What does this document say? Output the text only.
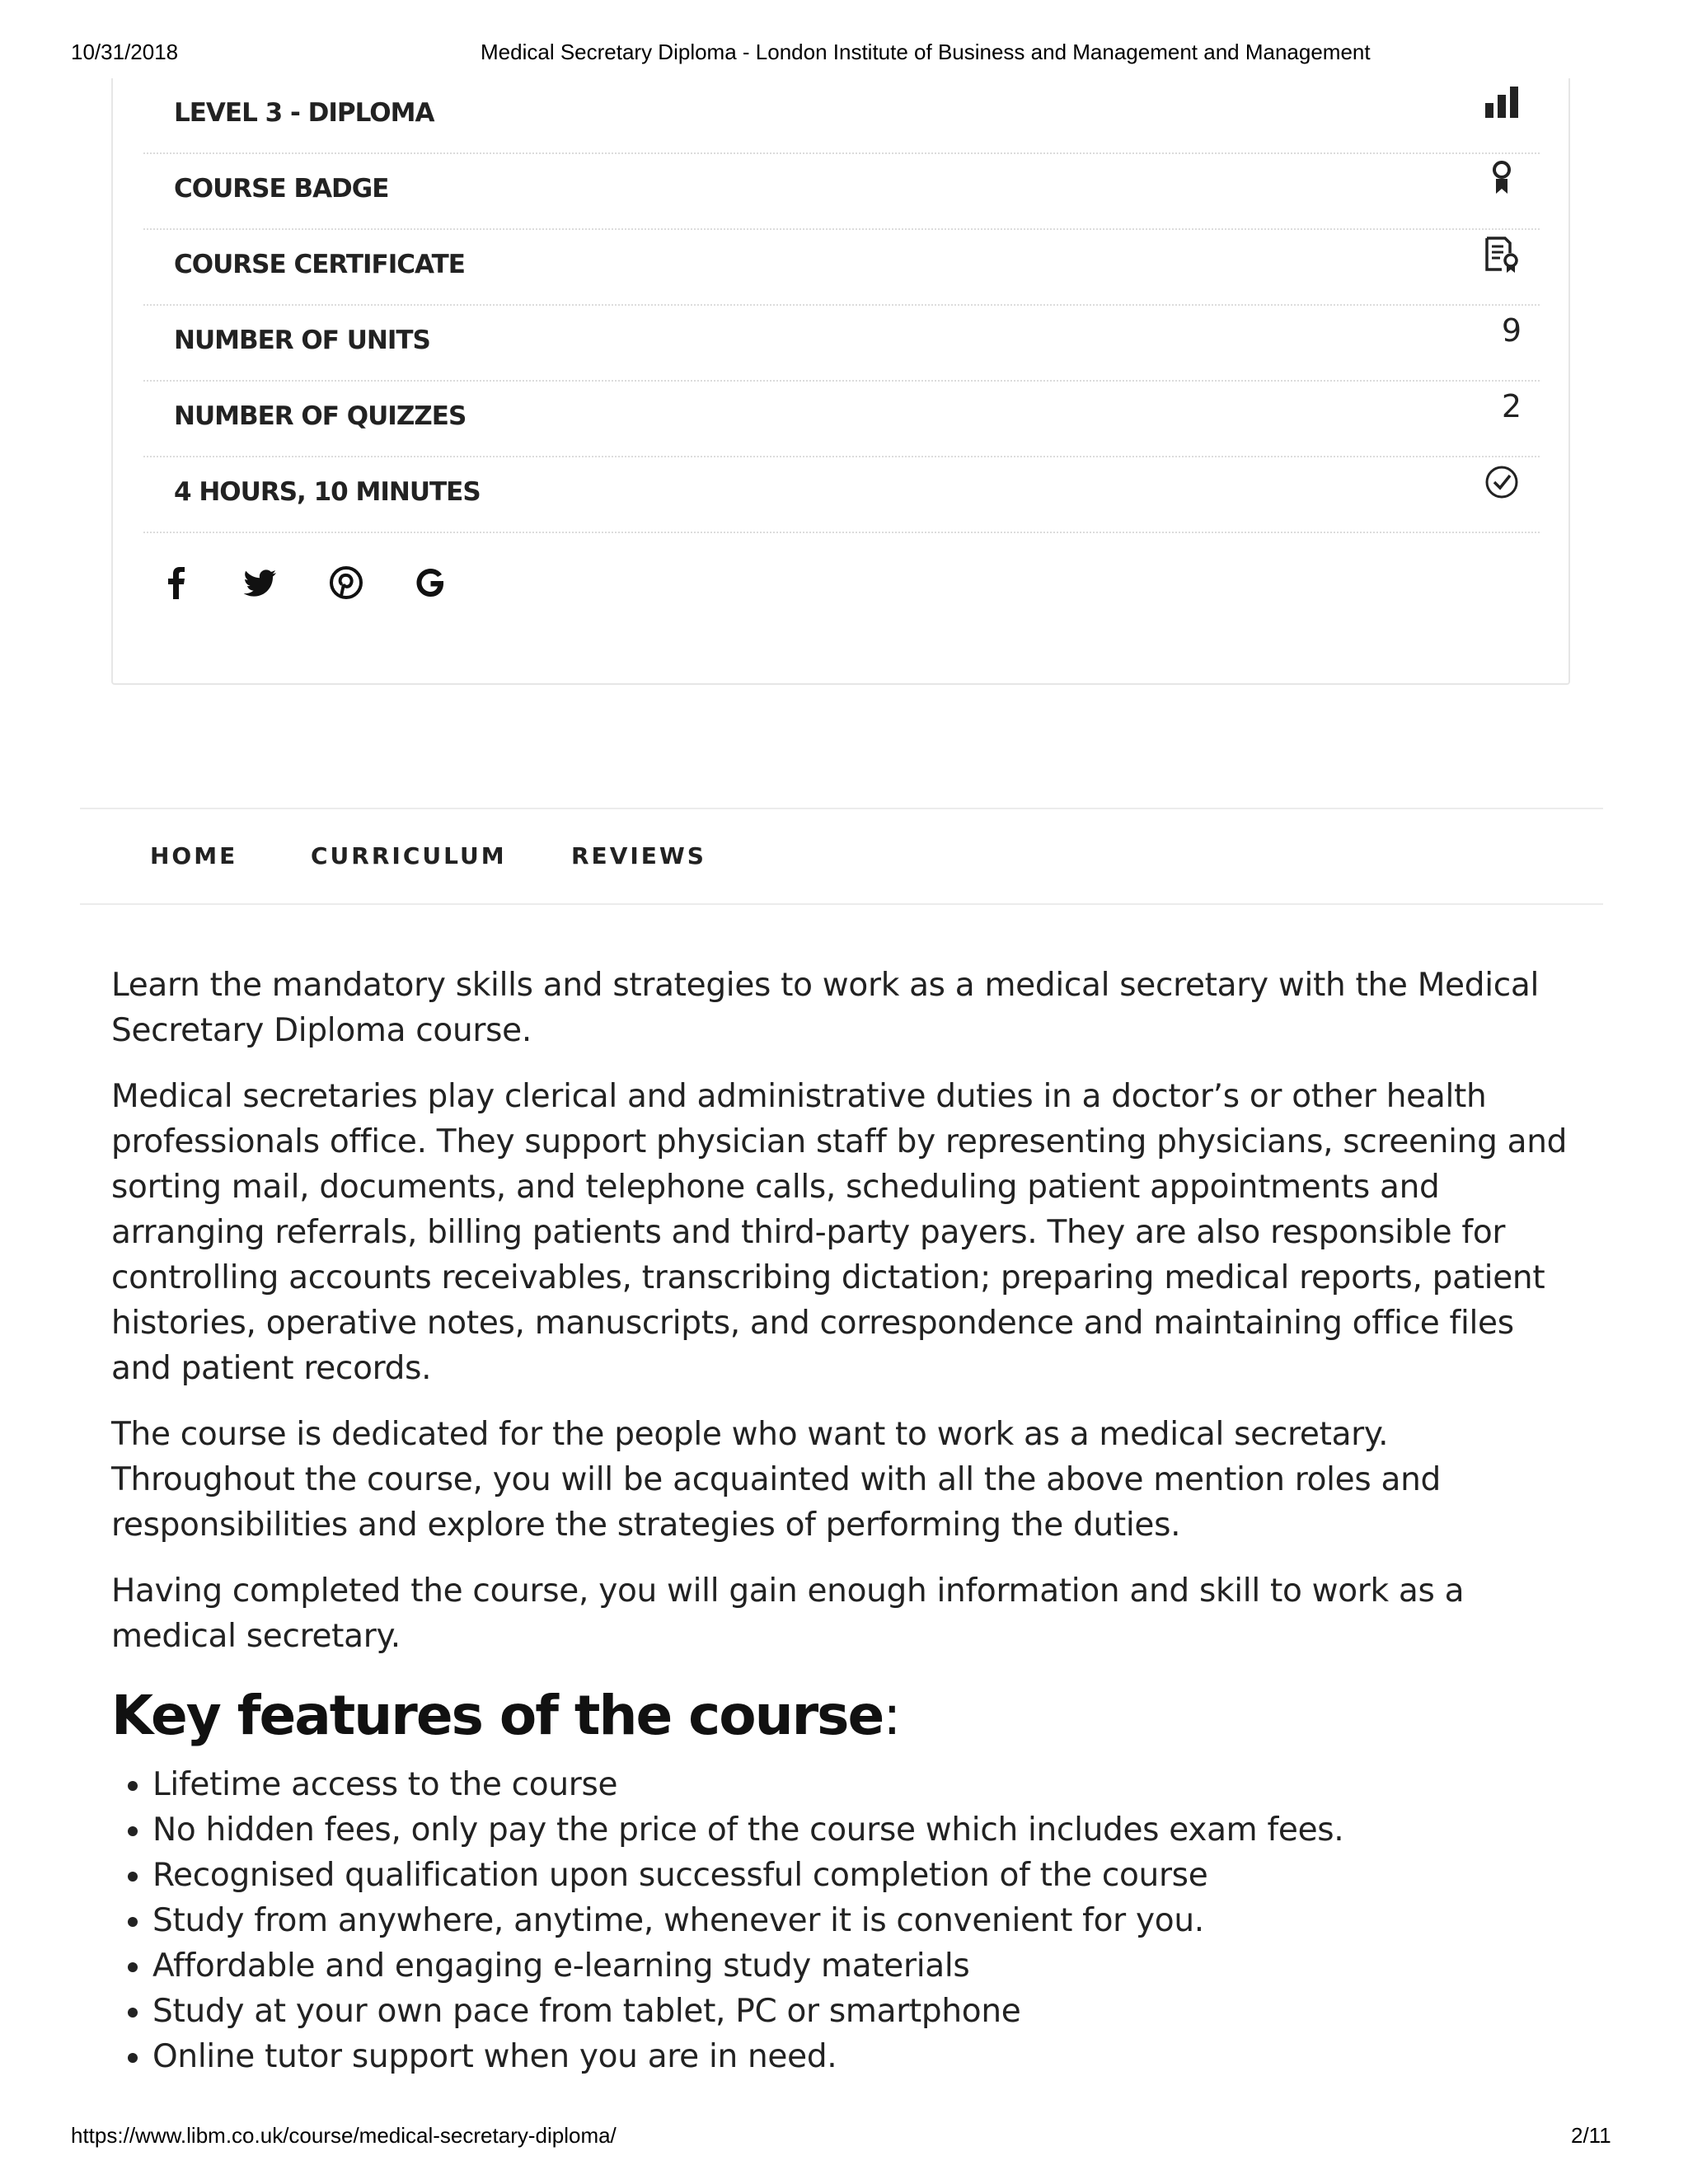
10/31/2018	Medical Secretary Diploma - London Institute of Business and Management and Management
LEVEL 3 - DIPLOMA
COURSE BADGE
COURSE CERTIFICATE
NUMBER OF UNITS	9
NUMBER OF QUIZZES	2
4 HOURS, 10 MINUTES
HOME	CURRICULUM	REVIEWS

Learn the mandatory skills and strategies to work as a medical secretary with the Medical Secretary Diploma course.

Medical secretaries play clerical and administrative duties in a doctor’s or other health professionals office. They support physician staff by representing physicians, screening and sorting mail, documents, and telephone calls, scheduling patient appointments and arranging referrals, billing patients and third-party payers. They are also responsible for controlling accounts receivables, transcribing dictation; preparing medical reports, patient histories, operative notes, manuscripts, and correspondence and maintaining office files and patient records.

The course is dedicated for the people who want to work as a medical secretary. Throughout the course, you will be acquainted with all the above mention roles and responsibilities and explore the strategies of performing the duties.

Having completed the course, you will gain enough information and skill to work as a medical secretary.

Key features of the course:
• Lifetime access to the course
• No hidden fees, only pay the price of the course which includes exam fees.
• Recognised qualification upon successful completion of the course
• Study from anywhere, anytime, whenever it is convenient for you.
• Affordable and engaging e-learning study materials
• Study at your own pace from tablet, PC or smartphone
• Online tutor support when you are in need.
https://www.libm.co.uk/course/medical-secretary-diploma/	2/11
